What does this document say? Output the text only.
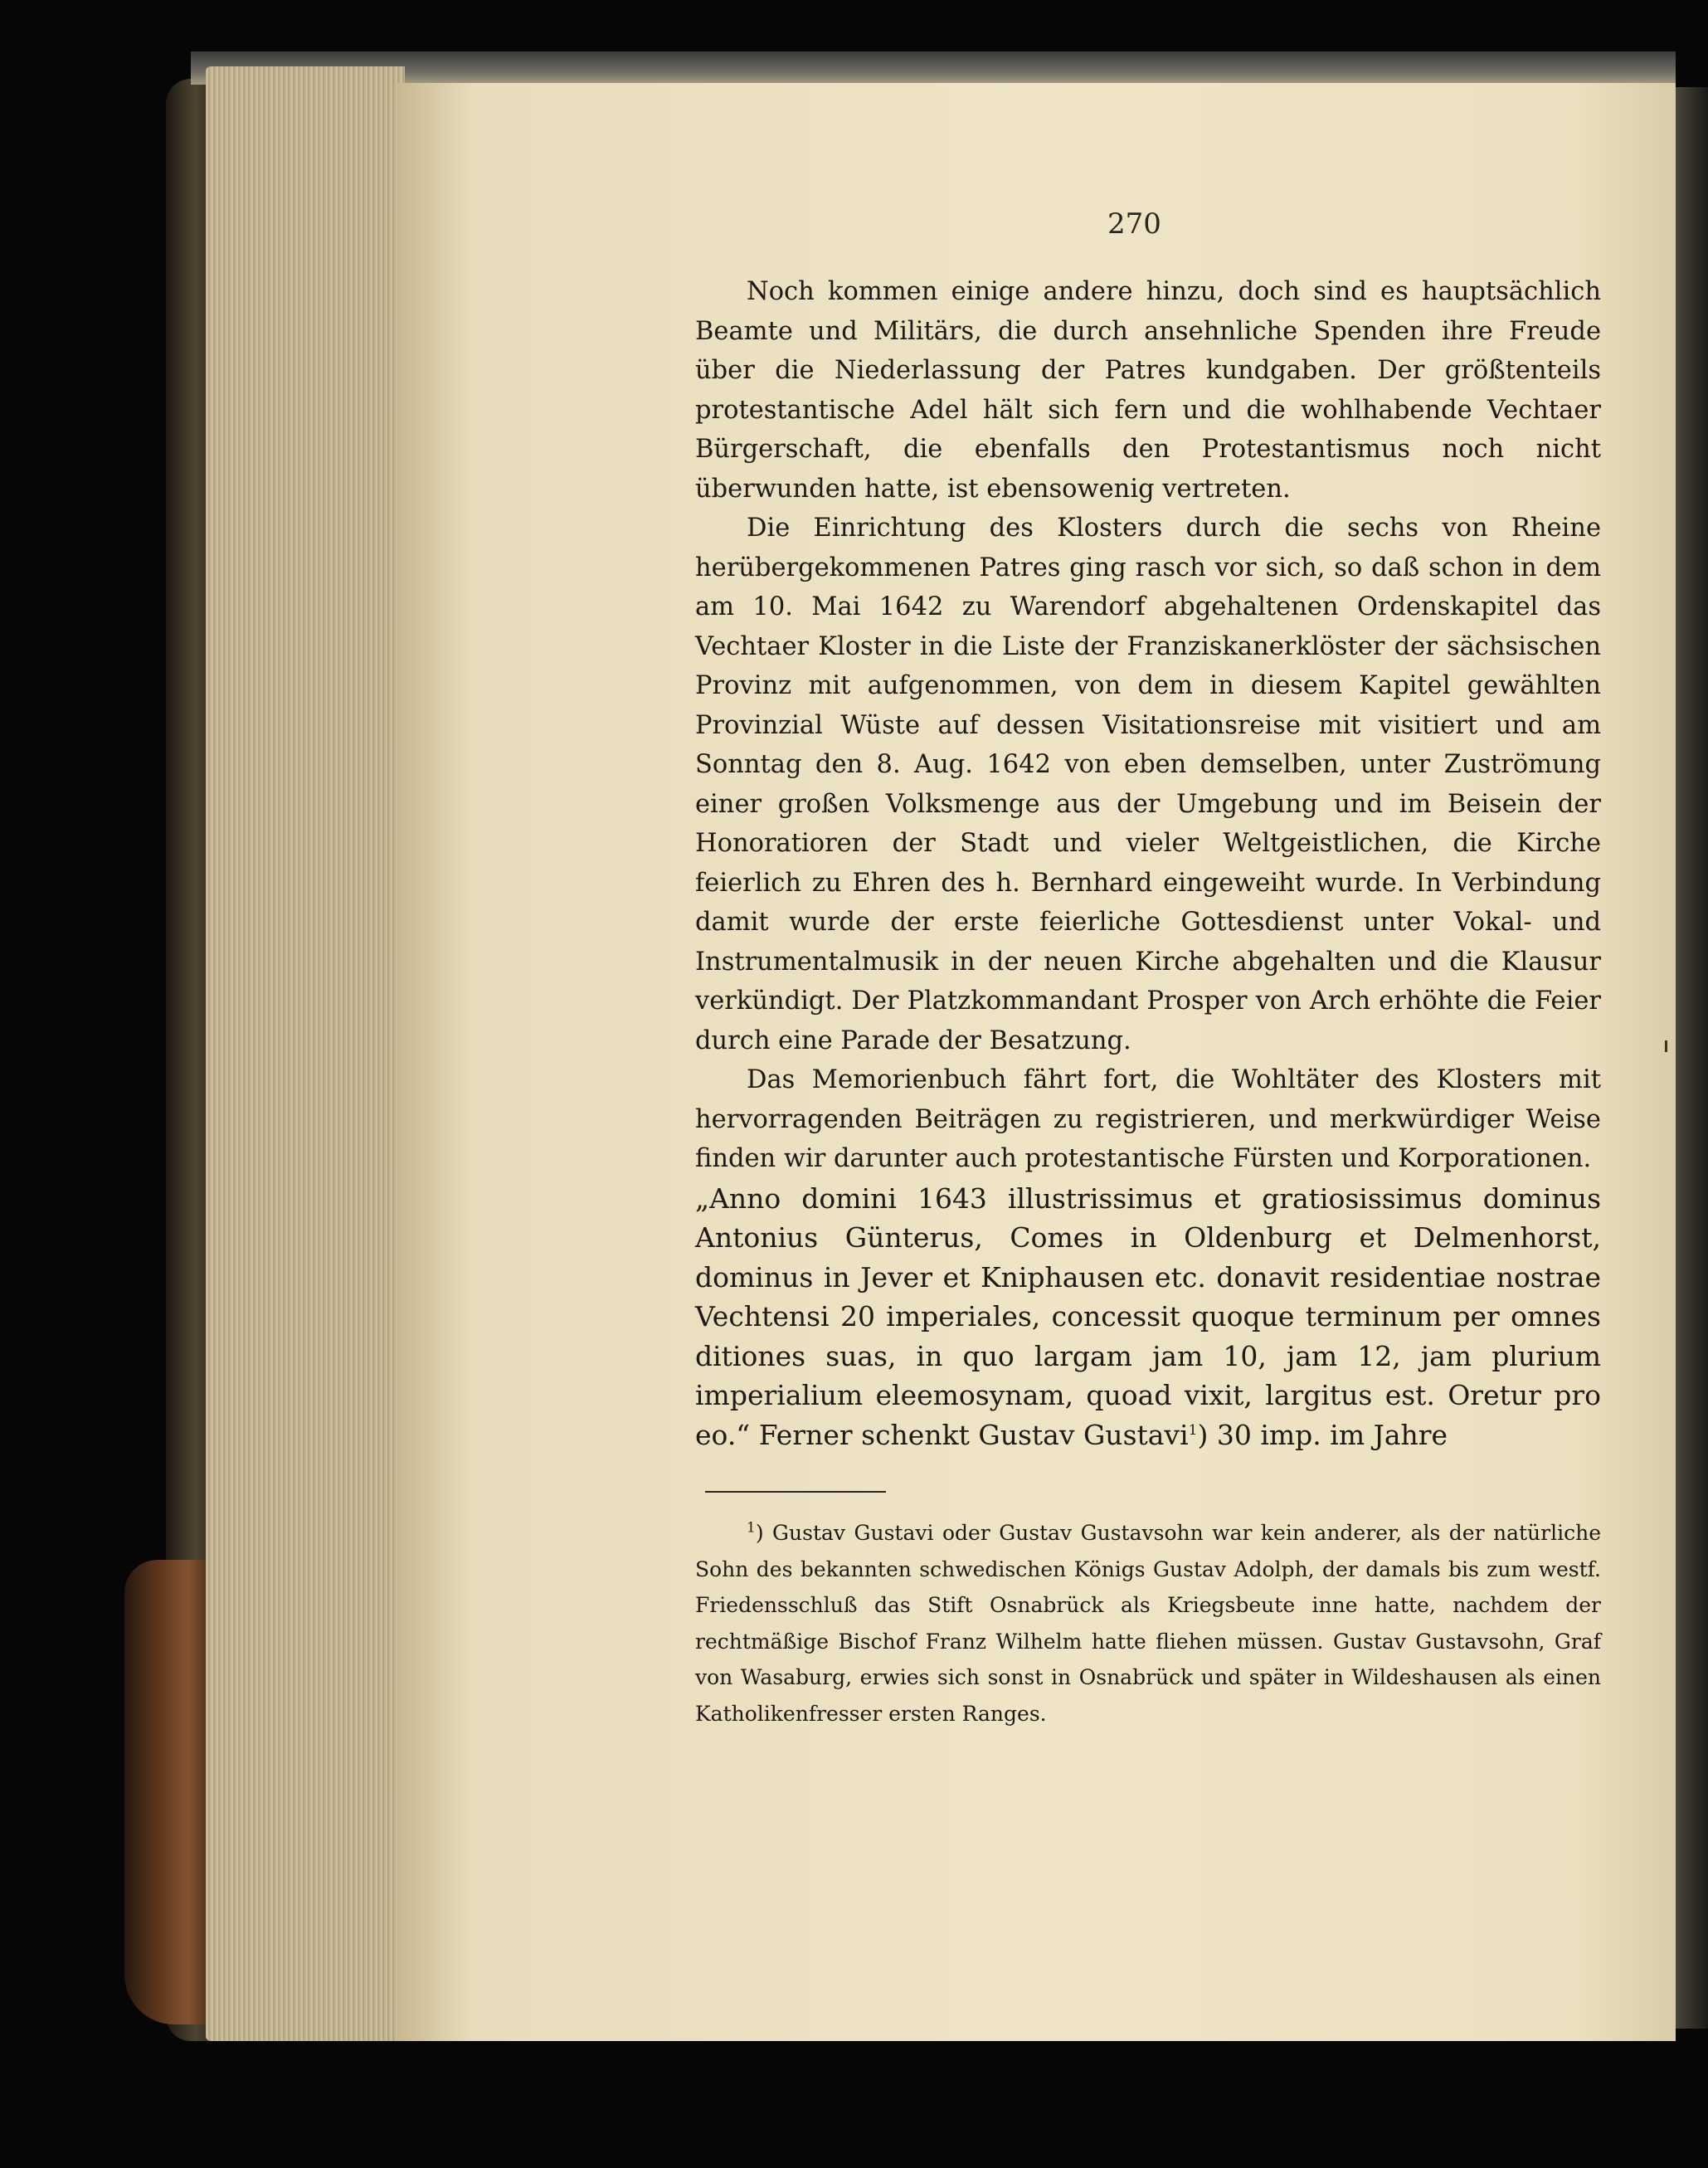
270

Noch kommen einige andere hinzu, doch sind es hauptsächlich Beamte und Militärs, die durch ansehnliche Spenden ihre Freude über die Niederlassung der Patres kundgaben. Der größtenteils protestantische Adel hält sich fern und die wohlhabende Vechtaer Bürgerschaft, die ebenfalls den Protestantismus noch nicht überwunden hatte, ist ebensowenig vertreten.

Die Einrichtung des Klosters durch die sechs von Rheine herübergekommenen Patres ging rasch vor sich, so daß schon in dem am 10. Mai 1642 zu Warendorf abgehaltenen Ordenskapitel das Vechtaer Kloster in die Liste der Franziskanerklöster der sächsischen Provinz mit aufgenommen, von dem in diesem Kapitel gewählten Provinzial Wüste auf dessen Visitationsreise mit visitiert und am Sonntag den 8. Aug. 1642 von eben demselben, unter Zuströmung einer großen Volksmenge aus der Umgebung und im Beisein der Honoratioren der Stadt und vieler Weltgeistlichen, die Kirche feierlich zu Ehren des h. Bernhard eingeweiht wurde. In Verbindung damit wurde der erste feierliche Gottesdienst unter Vokal- und Instrumentalmusik in der neuen Kirche abgehalten und die Klausur verkündigt. Der Platzkommandant Prosper von Arch erhöhte die Feier durch eine Parade der Besatzung.

Das Memorienbuch fährt fort, die Wohltäter des Klosters mit hervorragenden Beiträgen zu registrieren, und merkwürdiger Weise finden wir darunter auch protestantische Fürsten und Korporationen.

„Anno domini 1643 illustrissimus et gratiosissimus dominus Antonius Günterus, Comes in Oldenburg et Delmenhorst, dominus in Jever et Kniphausen etc. donavit residentiae nostrae Vechtensi 20 imperiales, concessit quoque terminum per omnes ditiones suas, in quo largam jam 10, jam 12, jam plurium imperialium eleemosynam, quoad vixit, largitus est. Oretur pro eo.“ Ferner schenkt Gustav Gustavi$^1$) 30 imp. im Jahre

$^1$) Gustav Gustavi oder Gustav Gustavsohn war kein anderer, als der natürliche Sohn des bekannten schwedischen Königs Gustav Adolph, der damals bis zum westf. Friedensschluß das Stift Osnabrück als Kriegsbeute inne hatte, nachdem der rechtmäßige Bischof Franz Wilhelm hatte fliehen müssen. Gustav Gustavsohn, Graf von Wasaburg, erwies sich sonst in Osnabrück und später in Wildeshausen als einen Katholikenfresser ersten Ranges.
